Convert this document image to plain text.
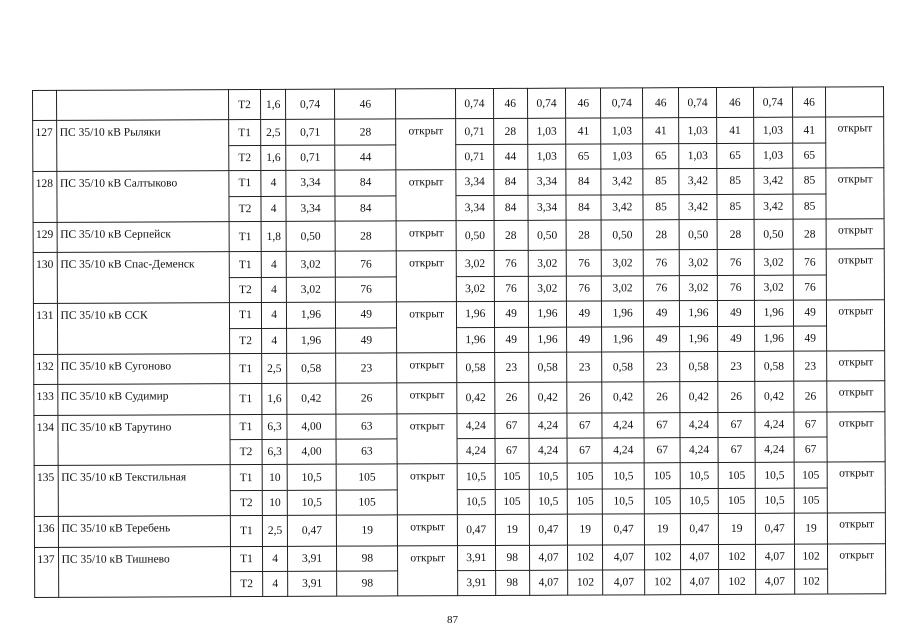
		Т2	1,6	0,74	46		0,74	46	0,74	46	0,74	46	0,74	46	0,74	46	
127	ПС 35/10 кВ Рыляки	Т1	2,5	0,71	28	открыт	0,71	28	1,03	41	1,03	41	1,03	41	1,03	41	открыт
		Т2	1,6	0,71	44		0,71	44	1,03	65	1,03	65	1,03	65	1,03	65	
128	ПС 35/10 кВ Салтыково	Т1	4	3,34	84	открыт	3,34	84	3,34	84	3,42	85	3,42	85	3,42	85	открыт
		Т2	4	3,34	84		3,34	84	3,34	84	3,42	85	3,42	85	3,42	85	
129	ПС 35/10 кВ Серпейск	Т1	1,8	0,50	28	открыт	0,50	28	0,50	28	0,50	28	0,50	28	0,50	28	открыт
130	ПС 35/10 кВ Спас-Деменск	Т1	4	3,02	76	открыт	3,02	76	3,02	76	3,02	76	3,02	76	3,02	76	открыт
		Т2	4	3,02	76		3,02	76	3,02	76	3,02	76	3,02	76	3,02	76	
131	ПС 35/10 кВ ССК	Т1	4	1,96	49	открыт	1,96	49	1,96	49	1,96	49	1,96	49	1,96	49	открыт
		Т2	4	1,96	49		1,96	49	1,96	49	1,96	49	1,96	49	1,96	49	
132	ПС 35/10 кВ Сугоново	Т1	2,5	0,58	23	открыт	0,58	23	0,58	23	0,58	23	0,58	23	0,58	23	открыт
133	ПС 35/10 кВ Судимир	Т1	1,6	0,42	26	открыт	0,42	26	0,42	26	0,42	26	0,42	26	0,42	26	открыт
134	ПС 35/10 кВ Тарутино	Т1	6,3	4,00	63	открыт	4,24	67	4,24	67	4,24	67	4,24	67	4,24	67	открыт
		Т2	6,3	4,00	63		4,24	67	4,24	67	4,24	67	4,24	67	4,24	67	
135	ПС 35/10 кВ Текстильная	Т1	10	10,5	105	открыт	10,5	105	10,5	105	10,5	105	10,5	105	10,5	105	открыт
		Т2	10	10,5	105		10,5	105	10,5	105	10,5	105	10,5	105	10,5	105	
136	ПС 35/10 кВ Теребень	Т1	2,5	0,47	19	открыт	0,47	19	0,47	19	0,47	19	0,47	19	0,47	19	открыт
137	ПС 35/10 кВ Тишнево	Т1	4	3,91	98	открыт	3,91	98	4,07	102	4,07	102	4,07	102	4,07	102	открыт
		Т2	4	3,91	98		3,91	98	4,07	102	4,07	102	4,07	102	4,07	102	
87
